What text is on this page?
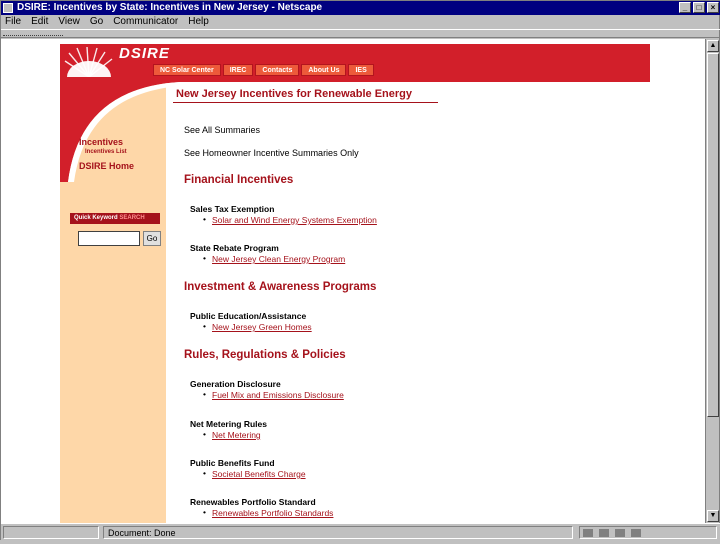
DSIRE: Incentives by State: Incentives in New Jersey - Netscape	_	□	×
File Edit View Go Communicator Help
DSIRE
NC Solar Center	IREC	Contacts	About Us	IES
Incentives
Incentives List
DSIRE Home
Quick Keyword SEARCH
Go
New Jersey Incentives for Renewable Energy
See All Summaries
See Homeowner Incentive Summaries Only
Financial Incentives
Sales Tax Exemption
• Solar and Wind Energy Systems Exemption
State Rebate Program
• New Jersey Clean Energy Program
Investment & Awareness Programs
Public Education/Assistance
• New Jersey Green Homes
Rules, Regulations & Policies
Generation Disclosure
• Fuel Mix and Emissions Disclosure
Net Metering Rules
• Net Metering
Public Benefits Fund
• Societal Benefits Charge
Renewables Portfolio Standard
• Renewables Portfolio Standards
▲
▼
Document: Done
